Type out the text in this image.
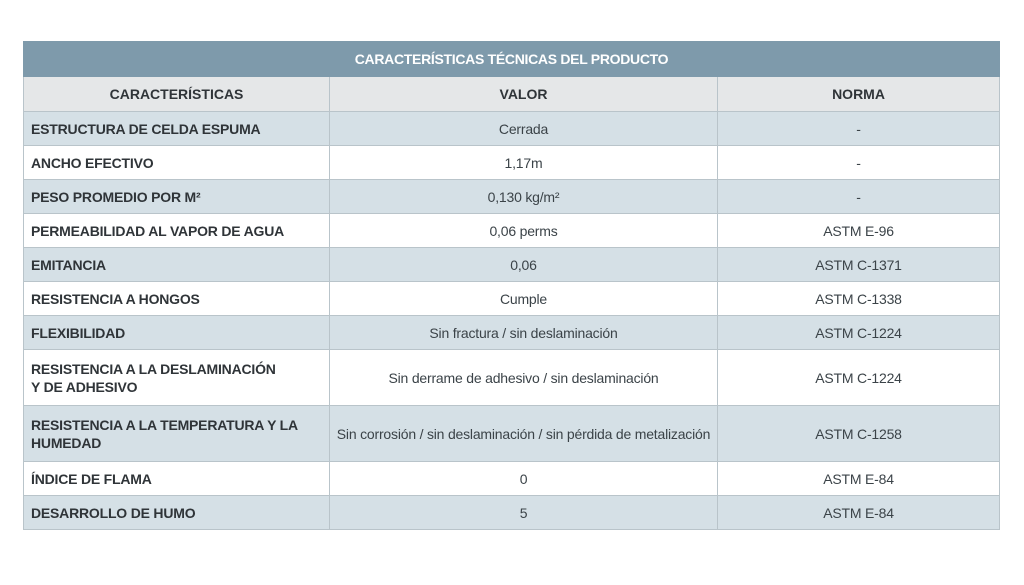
CARACTERÍSTICAS TÉCNICAS DEL PRODUCTO		
CARACTERÍSTICAS	VALOR	NORMA
ESTRUCTURA DE CELDA ESPUMA	Cerrada	-
ANCHO EFECTIVO	1,17m	-
PESO PROMEDIO POR M²	0,130 kg/m²	-
PERMEABILIDAD AL VAPOR DE AGUA	0,06 perms	ASTM E-96
EMITANCIA	0,06	ASTM C-1371
RESISTENCIA A HONGOS	Cumple	ASTM C-1338
FLEXIBILIDAD	Sin fractura / sin deslaminación	ASTM C-1224

RESISTENCIA A LA DESLAMINACIÓN
Y DE ADHESIVO	Sin derrame de adhesivo / sin deslaminación	ASTM C-1224

RESISTENCIA A LA TEMPERATURA Y LA
HUMEDAD	Sin corrosión / sin deslaminación / sin pérdida de metalización	ASTM C-1258
ÍNDICE DE FLAMA	0	ASTM E-84
DESARROLLO DE HUMO	5	ASTM E-84
